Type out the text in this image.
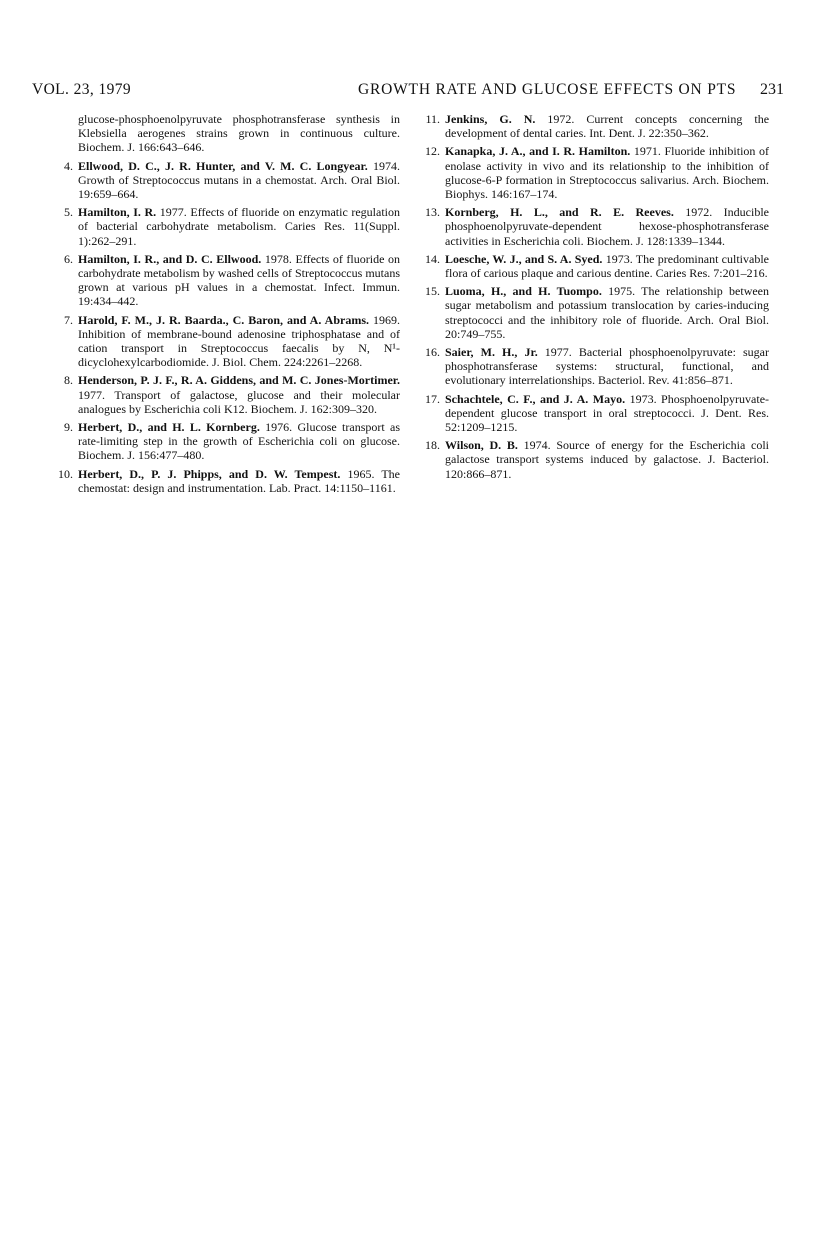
VOL. 23, 1979	GROWTH RATE AND GLUCOSE EFFECTS ON PTS 231
glucose-phosphoenolpyruvate phosphotransferase synthesis in Klebsiella aerogenes strains grown in continuous culture. Biochem. J. 166:643–646.
4. Ellwood, D. C., J. R. Hunter, and V. M. C. Longyear. 1974. Growth of Streptococcus mutans in a chemostat. Arch. Oral Biol. 19:659–664.
5. Hamilton, I. R. 1977. Effects of fluoride on enzymatic regulation of bacterial carbohydrate metabolism. Caries Res. 11(Suppl. 1):262–291.
6. Hamilton, I. R., and D. C. Ellwood. 1978. Effects of fluoride on carbohydrate metabolism by washed cells of Streptococcus mutans grown at various pH values in a chemostat. Infect. Immun. 19:434–442.
7. Harold, F. M., J. R. Baarda., C. Baron, and A. Abrams. 1969. Inhibition of membrane-bound adenosine triphosphatase and of cation transport in Streptococcus faecalis by N, N¹-dicyclohexylcarbodiomide. J. Biol. Chem. 224:2261–2268.
8. Henderson, P. J. F., R. A. Giddens, and M. C. Jones-Mortimer. 1977. Transport of galactose, glucose and their molecular analogues by Escherichia coli K12. Biochem. J. 162:309–320.
9. Herbert, D., and H. L. Kornberg. 1976. Glucose transport as rate-limiting step in the growth of Escherichia coli on glucose. Biochem. J. 156:477–480.
10. Herbert, D., P. J. Phipps, and D. W. Tempest. 1965. The chemostat: design and instrumentation. Lab. Pract. 14:1150–1161.
11. Jenkins, G. N. 1972. Current concepts concerning the development of dental caries. Int. Dent. J. 22:350–362.
12. Kanapka, J. A., and I. R. Hamilton. 1971. Fluoride inhibition of enolase activity in vivo and its relationship to the inhibition of glucose-6-P formation in Streptococcus salivarius. Arch. Biochem. Biophys. 146:167–174.
13. Kornberg, H. L., and R. E. Reeves. 1972. Inducible phosphoenolpyruvate-dependent hexose-phosphotransferase activities in Escherichia coli. Biochem. J. 128:1339–1344.
14. Loesche, W. J., and S. A. Syed. 1973. The predominant cultivable flora of carious plaque and carious dentine. Caries Res. 7:201–216.
15. Luoma, H., and H. Tuompo. 1975. The relationship between sugar metabolism and potassium translocation by caries-inducing streptococci and the inhibitory role of fluoride. Arch. Oral Biol. 20:749–755.
16. Saier, M. H., Jr. 1977. Bacterial phosphoenolpyruvate: sugar phosphotransferase systems: structural, functional, and evolutionary interrelationships. Bacteriol. Rev. 41:856–871.
17. Schachtele, C. F., and J. A. Mayo. 1973. Phosphoenolpyruvate-dependent glucose transport in oral streptococci. J. Dent. Res. 52:1209–1215.
18. Wilson, D. B. 1974. Source of energy for the Escherichia coli galactose transport systems induced by galactose. J. Bacteriol. 120:866–871.
